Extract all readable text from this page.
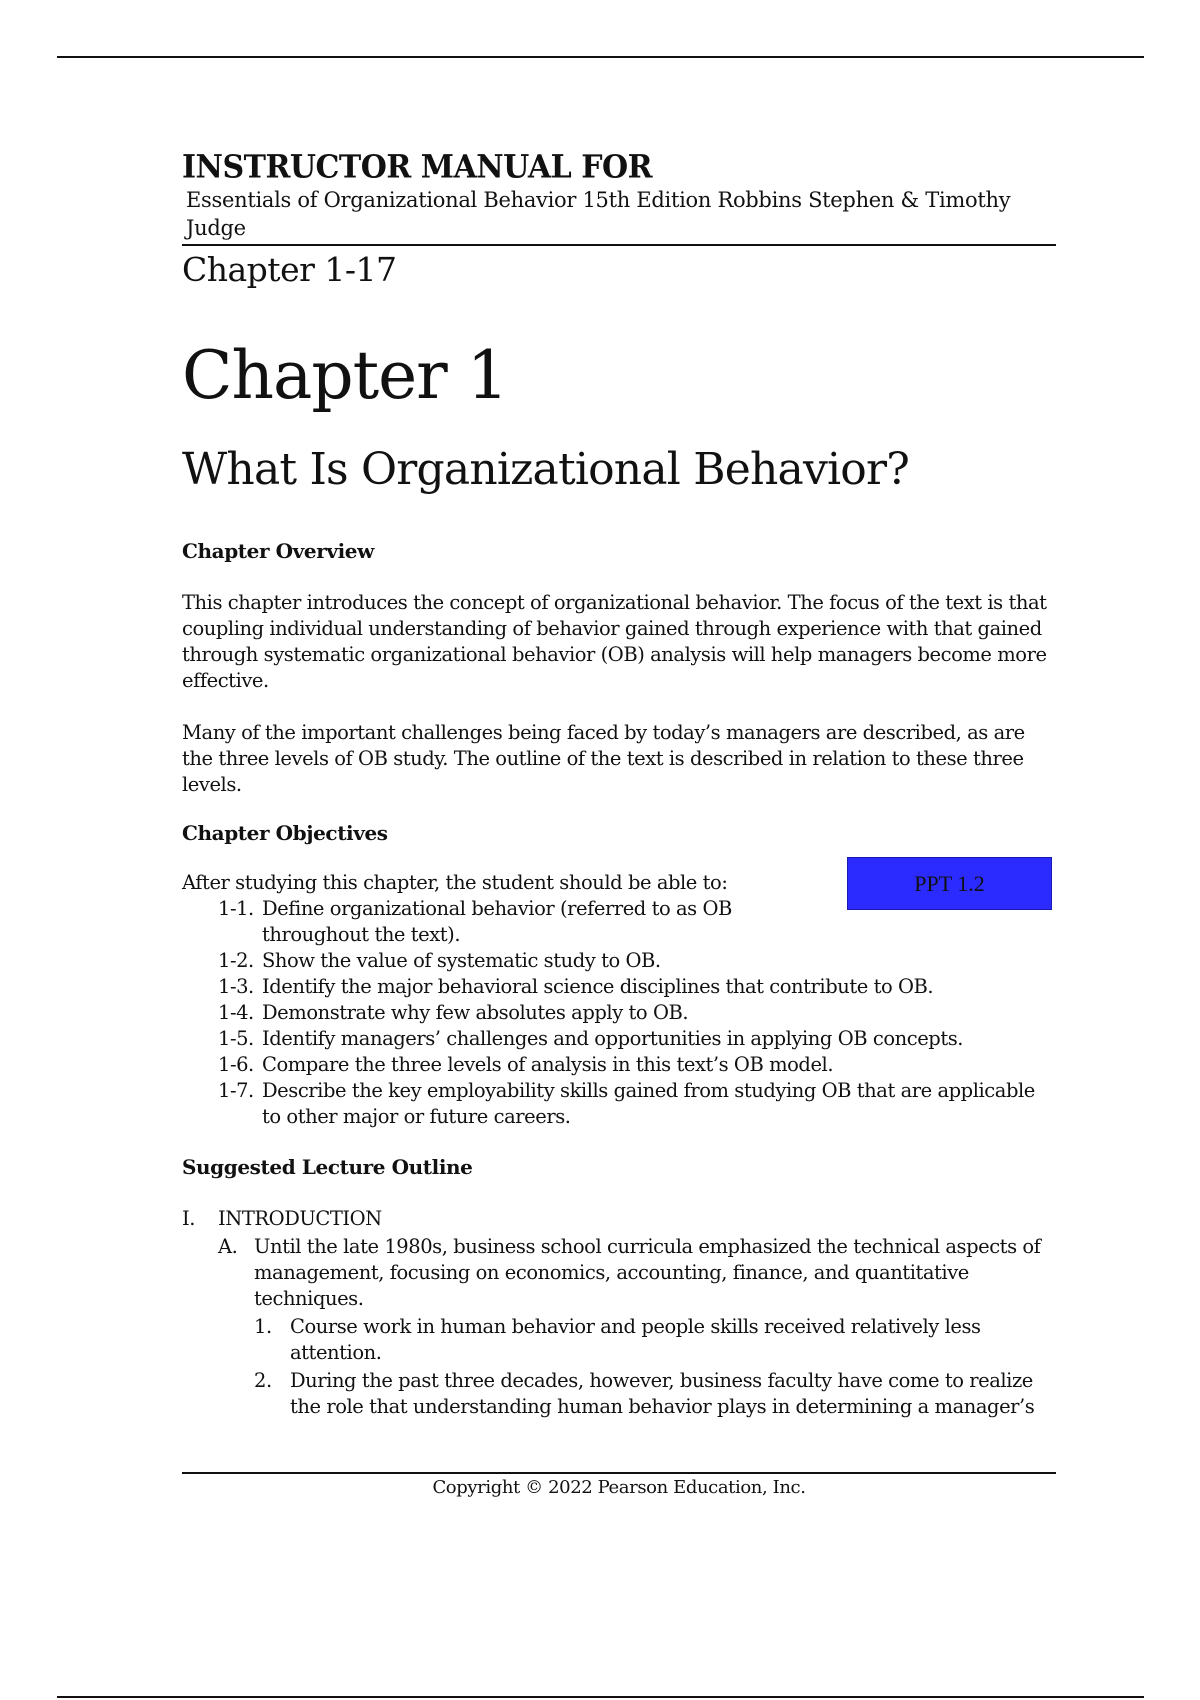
INSTRUCTOR MANUAL FOR
Essentials of Organizational Behavior 15th Edition Robbins Stephen & Timothy Judge
Chapter 1-17
Chapter 1
What Is Organizational Behavior?
Chapter Overview

This chapter introduces the concept of organizational behavior. The focus of the text is that coupling individual understanding of behavior gained through experience with that gained through systematic organizational behavior (OB) analysis will help managers become more effective.

Many of the important challenges being faced by today’s managers are described, as are the three levels of OB study. The outline of the text is described in relation to these three levels.

Chapter Objectives

After studying this chapter, the student should be able to:

1-1. Define organizational behavior (referred to as OB throughout the text).
1-2. Show the value of systematic study to OB.
1-3. Identify the major behavioral science disciplines that contribute to OB.
1-4. Demonstrate why few absolutes apply to OB.
1-5. Identify managers’ challenges and opportunities in applying OB concepts.
1-6. Compare the three levels of analysis in this text’s OB model.
1-7. Describe the key employability skills gained from studying OB that are applicable to other major or future careers.
Suggested Lecture Outline
I.	INTRODUCTION
A. Until the late 1980s, business school curricula emphasized the technical aspects of management, focusing on economics, accounting, finance, and quantitative techniques.
1. Course work in human behavior and people skills received relatively less attention.
2. During the past three decades, however, business faculty have come to realize the role that understanding human behavior plays in determining a manager’s
PPT 1.2
Copyright © 2022 Pearson Education, Inc.
